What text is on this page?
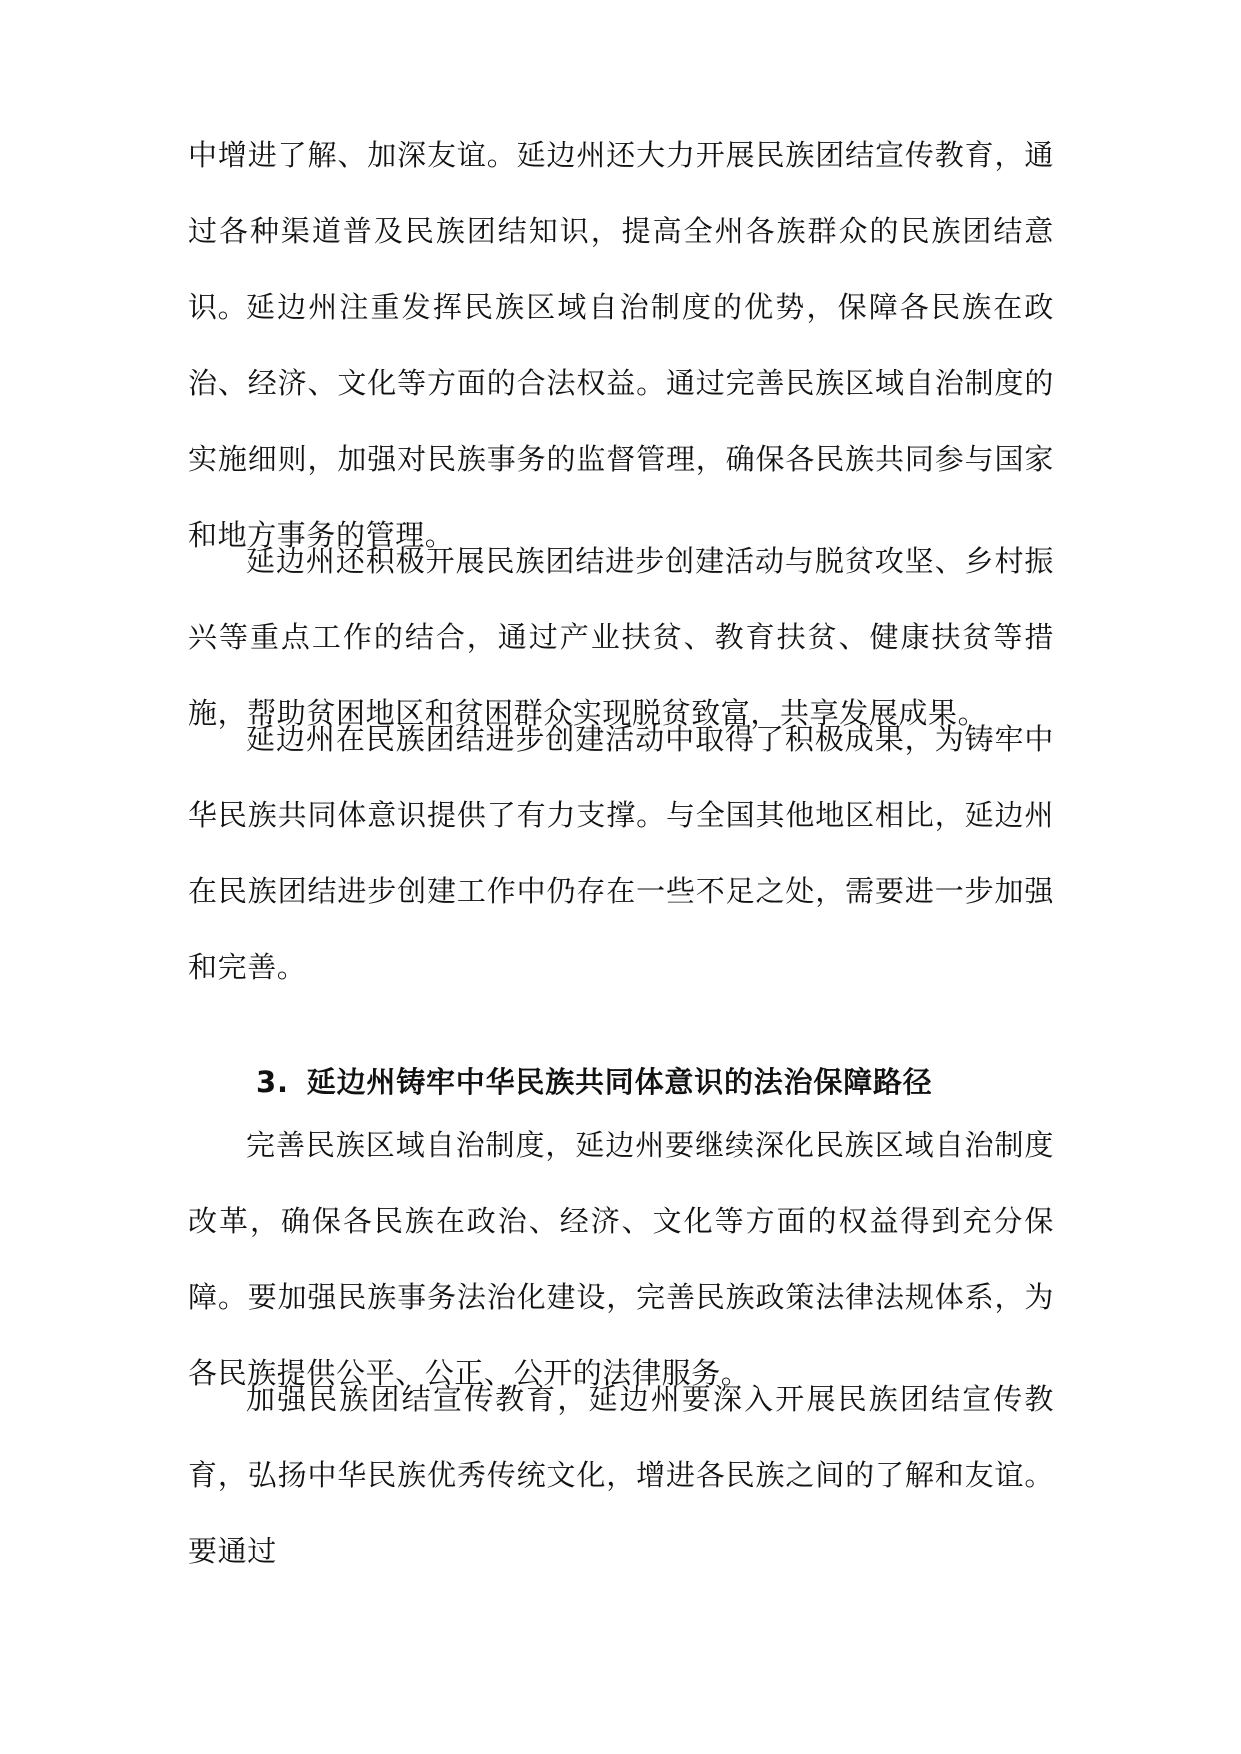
中增进了解、加深友谊。延边州还大力开展民族团结宣传教育，通过各种渠道普及民族团结知识，提高全州各族群众的民族团结意识。

延边州注重发挥民族区域自治制度的优势，保障各民族在政治、经济、文化等方面的合法权益。通过完善民族区域自治制度的实施细则，加强对民族事务的监督管理，确保各民族共同参与国家和地方事务的管理。

延边州还积极开展民族团结进步创建活动与脱贫攻坚、乡村振兴等重点工作的结合，通过产业扶贫、教育扶贫、健康扶贫等措施，帮助贫困地区和贫困群众实现脱贫致富，共享发展成果。

延边州在民族团结进步创建活动中取得了积极成果，为铸牢中华民族共同体意识提供了有力支撑。与全国其他地区相比，延边州在民族团结进步创建工作中仍存在一些不足之处，需要进一步加强和完善。

3. 延边州铸牢中华民族共同体意识的法治保障路径

完善民族区域自治制度，延边州要继续深化民族区域自治制度改革，确保各民族在政治、经济、文化等方面的权益得到充分保障。要加强民族事务法治化建设，完善民族政策法律法规体系，为各民族提供公平、公正、公开的法律服务。

加强民族团结宣传教育，延边州要深入开展民族团结宣传教育，弘扬中华民族优秀传统文化，增进各民族之间的了解和友谊。要通过
